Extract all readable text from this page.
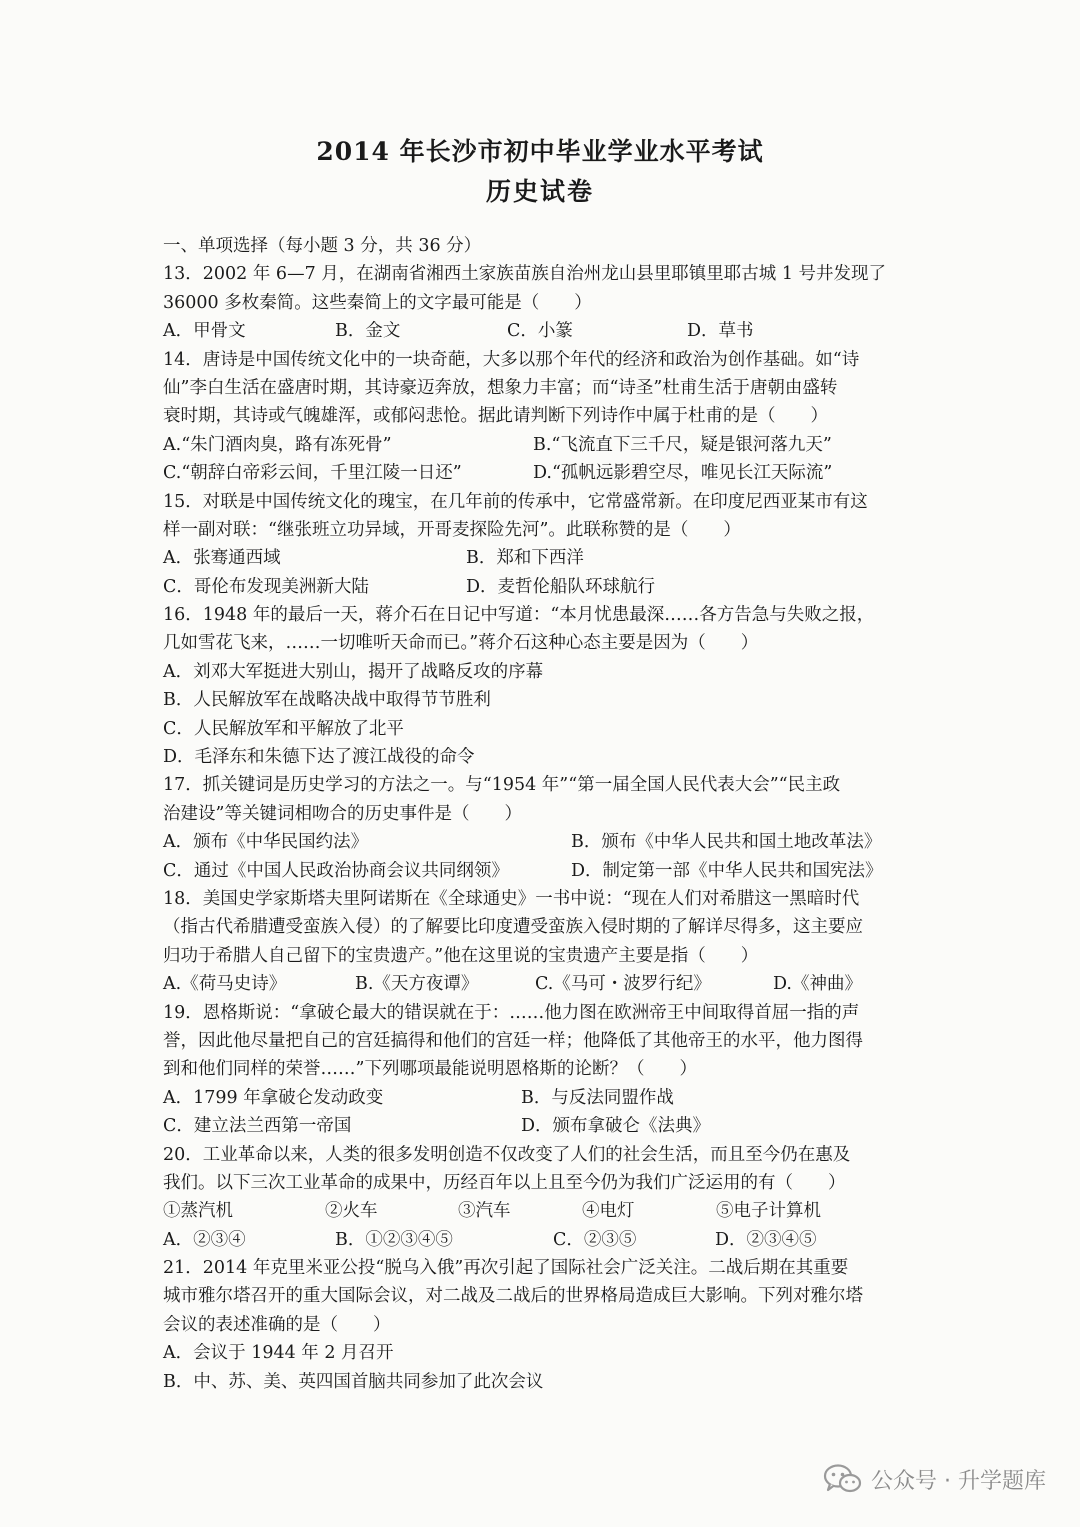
2014 年长沙市初中毕业学业水平考试
历史试卷
一、单项选择（每小题 3 分，共 36 分）
13．2002 年 6—7 月，在湖南省湘西土家族苗族自治州龙山县里耶镇里耶古城 1 号井发现了
36000 多枚秦简。这些秦简上的文字最可能是（　　）
A．甲骨文	B．金文	C．小篆	D．草书
14．唐诗是中国传统文化中的一块奇葩，大多以那个年代的经济和政治为创作基础。如“诗
仙”李白生活在盛唐时期，其诗豪迈奔放，想象力丰富；而“诗圣”杜甫生活于唐朝由盛转
衰时期，其诗或气魄雄浑，或郁闷悲怆。据此请判断下列诗作中属于杜甫的是（　　）
A.“朱门酒肉臭，路有冻死骨”	B.“飞流直下三千尺，疑是银河落九天”
C.“朝辞白帝彩云间，千里江陵一日还”	D.“孤帆远影碧空尽，唯见长江天际流”
15．对联是中国传统文化的瑰宝，在几年前的传承中，它常盛常新。在印度尼西亚某市有这
样一副对联：“继张班立功异域，开哥麦探险先河”。此联称赞的是（　　）
A．张骞通西域	B．郑和下西洋
C．哥伦布发现美洲新大陆	D．麦哲伦船队环球航行
16．1948 年的最后一天，蒋介石在日记中写道：“本月忧患最深……各方告急与失败之报，
几如雪花飞来，……一切唯听天命而已。”蒋介石这种心态主要是因为（　　）
A．刘邓大军挺进大别山，揭开了战略反攻的序幕
B．人民解放军在战略决战中取得节节胜利
C．人民解放军和平解放了北平
D．毛泽东和朱德下达了渡江战役的命令
17．抓关键词是历史学习的方法之一。与“1954 年”“第一届全国人民代表大会”“民主政
治建设”等关键词相吻合的历史事件是（　　）
A．颁布《中华民国约法》	B．颁布《中华人民共和国土地改革法》
C．通过《中国人民政治协商会议共同纲领》	D．制定第一部《中华人民共和国宪法》
18．美国史学家斯塔夫里阿诺斯在《全球通史》一书中说：“现在人们对希腊这一黑暗时代
（指古代希腊遭受蛮族入侵）的了解要比印度遭受蛮族入侵时期的了解详尽得多，这主要应
归功于希腊人自己留下的宝贵遗产。”他在这里说的宝贵遗产主要是指（　　）
A.《荷马史诗》	B.《天方夜谭》	C.《马可・波罗行纪》	D.《神曲》
19．恩格斯说：“拿破仑最大的错误就在于：……他力图在欧洲帝王中间取得首屈一指的声
誉，因此他尽量把自己的宫廷搞得和他们的宫廷一样；他降低了其他帝王的水平，他力图得
到和他们同样的荣誉……”下列哪项最能说明恩格斯的论断？（　　）
A．1799 年拿破仑发动政变	B．与反法同盟作战
C．建立法兰西第一帝国	D．颁布拿破仑《法典》
20．工业革命以来，人类的很多发明创造不仅改变了人们的社会生活，而且至今仍在惠及
我们。以下三次工业革命的成果中，历经百年以上且至今仍为我们广泛运用的有（　　）
①蒸汽机	②火车	③汽车	④电灯	⑤电子计算机
A．②③④	B．①②③④⑤	C．②③⑤	D．②③④⑤
21．2014 年克里米亚公投“脱乌入俄”再次引起了国际社会广泛关注。二战后期在其重要
城市雅尔塔召开的重大国际会议，对二战及二战后的世界格局造成巨大影响。下列对雅尔塔
会议的表述准确的是（　　）
A．会议于 1944 年 2 月召开
B．中、苏、美、英四国首脑共同参加了此次会议
公众号 · 升学题库
